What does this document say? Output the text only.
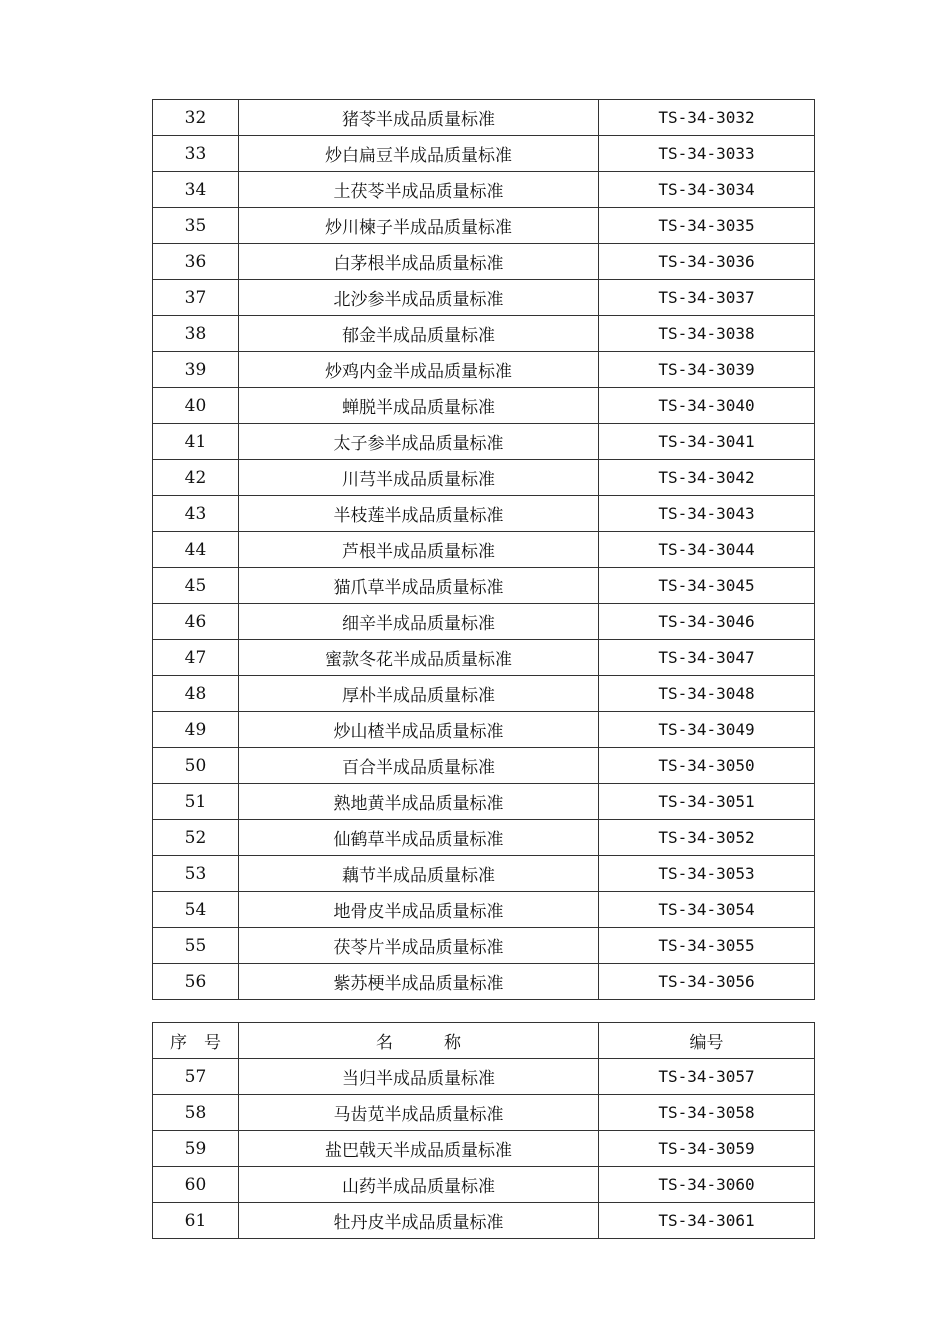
32	猪苓半成品质量标准	TS-34-3032
33	炒白扁豆半成品质量标准	TS-34-3033
34	土茯苓半成品质量标准	TS-34-3034
35	炒川楝子半成品质量标准	TS-34-3035
36	白茅根半成品质量标准	TS-34-3036
37	北沙参半成品质量标准	TS-34-3037
38	郁金半成品质量标准	TS-34-3038
39	炒鸡内金半成品质量标准	TS-34-3039
40	蝉脱半成品质量标准	TS-34-3040
41	太子参半成品质量标准	TS-34-3041
42	川芎半成品质量标准	TS-34-3042
43	半枝莲半成品质量标准	TS-34-3043
44	芦根半成品质量标准	TS-34-3044
45	猫爪草半成品质量标准	TS-34-3045
46	细辛半成品质量标准	TS-34-3046
47	蜜款冬花半成品质量标准	TS-34-3047
48	厚朴半成品质量标准	TS-34-3048
49	炒山楂半成品质量标准	TS-34-3049
50	百合半成品质量标准	TS-34-3050
51	熟地黄半成品质量标准	TS-34-3051
52	仙鹤草半成品质量标准	TS-34-3052
53	藕节半成品质量标准	TS-34-3053
54	地骨皮半成品质量标准	TS-34-3054
55	茯苓片半成品质量标准	TS-34-3055
56	紫苏梗半成品质量标准	TS-34-3056
序　号	名　　　称	编号
57	当归半成品质量标准	TS-34-3057
58	马齿苋半成品质量标准	TS-34-3058
59	盐巴戟天半成品质量标准	TS-34-3059
60	山药半成品质量标准	TS-34-3060
61	牡丹皮半成品质量标准	TS-34-3061
